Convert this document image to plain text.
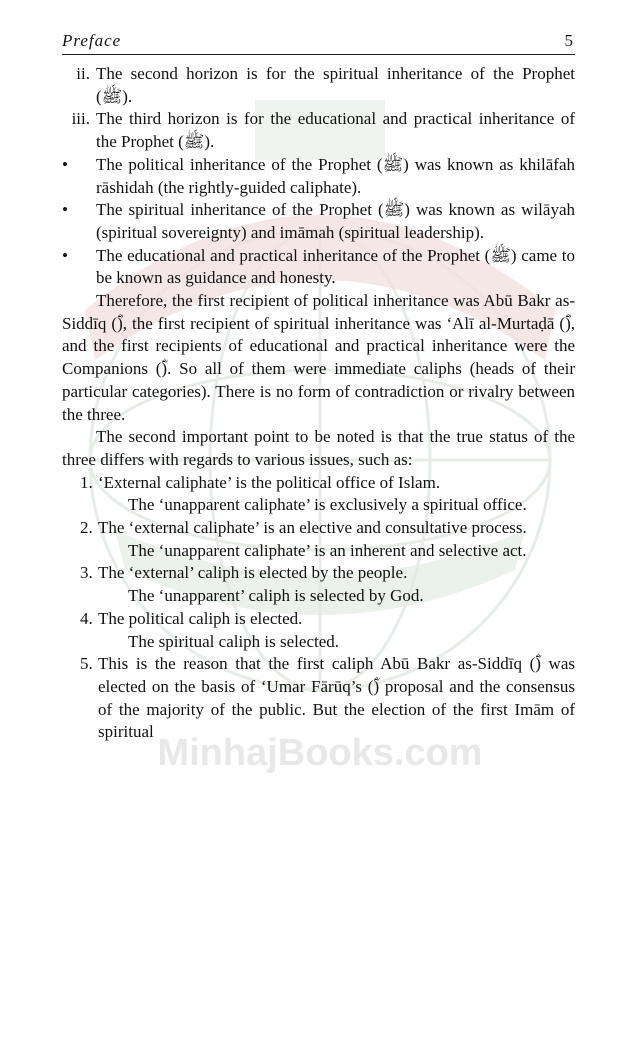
MinhajBooks.com
Preface	5
ii. The second horizon is for the spiritual inheritance of the Prophet (ﷺ).
iii. The third horizon is for the educational and practical inheritance of the Prophet (ﷺ).
•	The political inheritance of the Prophet (ﷺ) was known as khilāfah rāshidah (the rightly-guided caliphate).
•	The spiritual inheritance of the Prophet (ﷺ) was known as wilāyah (spiritual sovereignty) and imāmah (spiritual leadership).
•	The educational and practical inheritance of the Prophet (ﷺ) came to be known as guidance and honesty.
Therefore, the first recipient of political inheritance was Abū Bakr as-Siddīq (ؓ), the first recipient of spiritual inheritance was ‘Alī al-Murtaḍā (ؓ), and the first recipients of educational and practical inheritance were the Companions (ؓ). So all of them were immediate caliphs (heads of their particular categories). There is no form of contradiction or rivalry between the three.
The second important point to be noted is that the true status of the three differs with regards to various issues, such as:
1. ‘External caliphate’ is the political office of Islam.
The ‘unapparent caliphate’ is exclusively a spiritual office.
2. The ‘external caliphate’ is an elective and consultative process.
The ‘unapparent caliphate’ is an inherent and selective act.
3. The ‘external’ caliph is elected by the people.
The ‘unapparent’ caliph is selected by God.
4. The political caliph is elected.
The spiritual caliph is selected.
5. This is the reason that the first caliph Abū Bakr as-Siddīq (ؓ) was elected on the basis of ‘Umar Fārūq’s (ؓ) proposal and the consensus of the majority of the public. But the election of the first Imām of spiritual
